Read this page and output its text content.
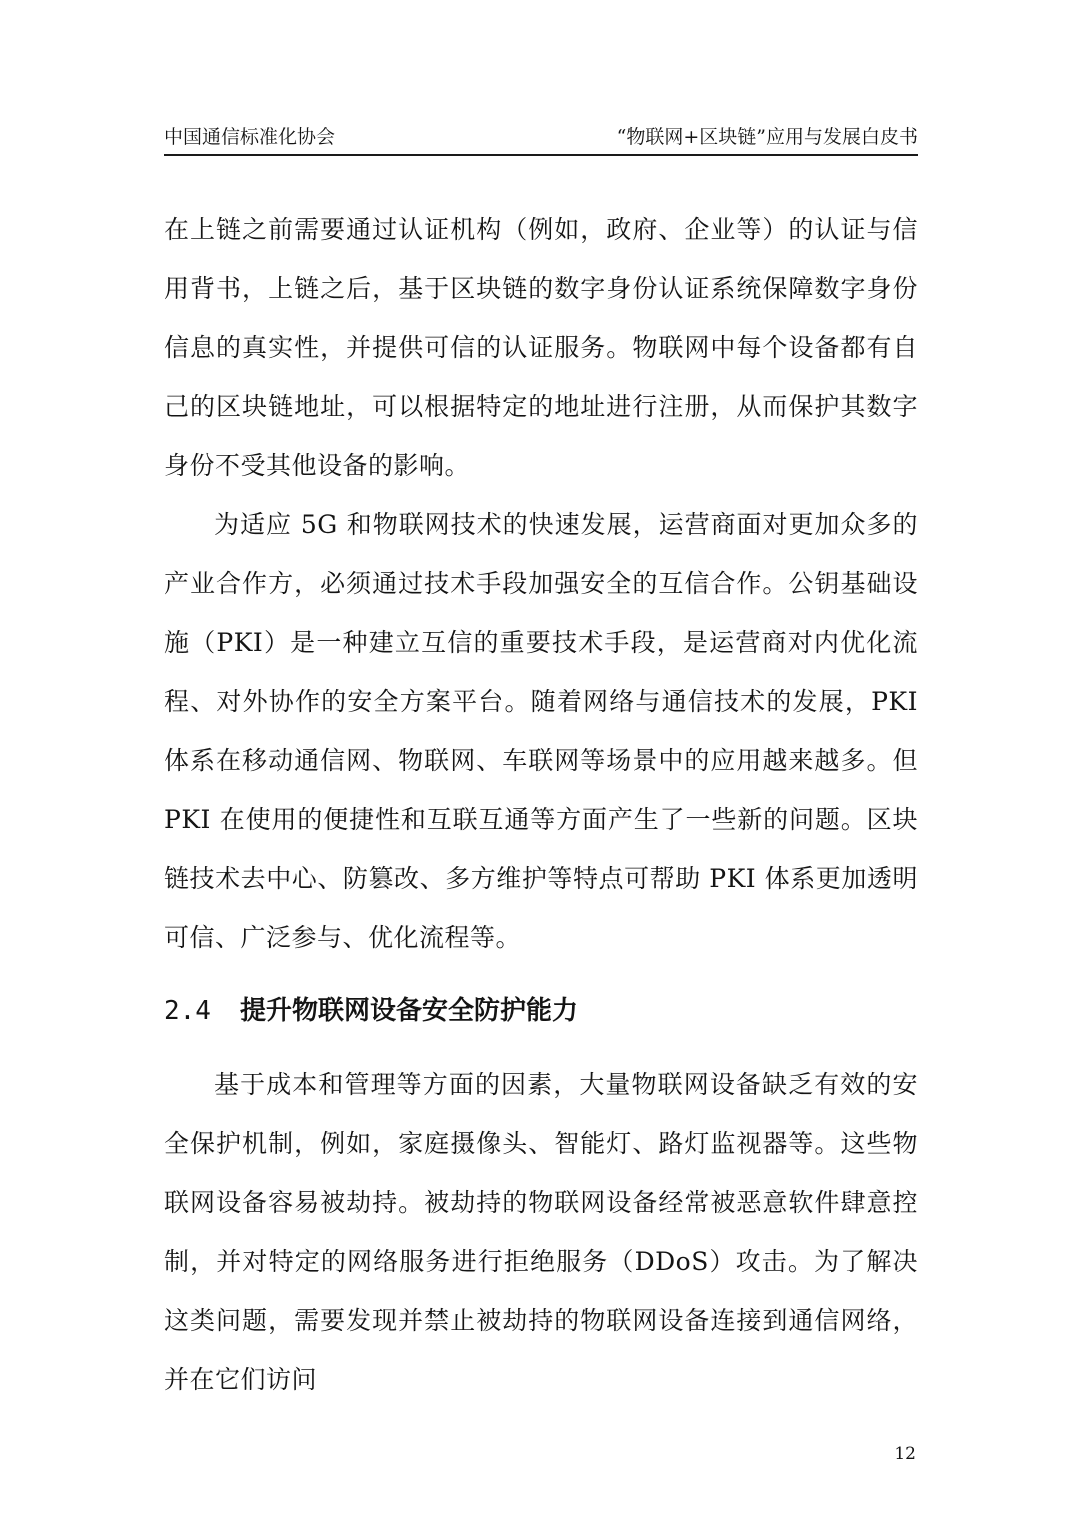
中国通信标准化协会	“物联网+区块链”应用与发展白皮书

在上链之前需要通过认证机构（例如，政府、企业等）的认证与信用背书，上链之后，基于区块链的数字身份认证系统保障数字身份信息的真实性，并提供可信的认证服务。物联网中每个设备都有自己的区块链地址，可以根据特定的地址进行注册，从而保护其数字身份不受其他设备的影响。

为适应 5G 和物联网技术的快速发展，运营商面对更加众多的产业合作方，必须通过技术手段加强安全的互信合作。公钥基础设施（PKI）是一种建立互信的重要技术手段，是运营商对内优化流程、对外协作的安全方案平台。随着网络与通信技术的发展，PKI 体系在移动通信网、物联网、车联网等场景中的应用越来越多。但 PKI 在使用的便捷性和互联互通等方面产生了一些新的问题。区块链技术去中心、防篡改、多方维护等特点可帮助 PKI 体系更加透明可信、广泛参与、优化流程等。

2.4 提升物联网设备安全防护能力

基于成本和管理等方面的因素，大量物联网设备缺乏有效的安全保护机制，例如，家庭摄像头、智能灯、路灯监视器等。这些物联网设备容易被劫持。被劫持的物联网设备经常被恶意软件肆意控制，并对特定的网络服务进行拒绝服务（DDoS）攻击。为了解决这类问题，需要发现并禁止被劫持的物联网设备连接到通信网络，并在它们访问

12
